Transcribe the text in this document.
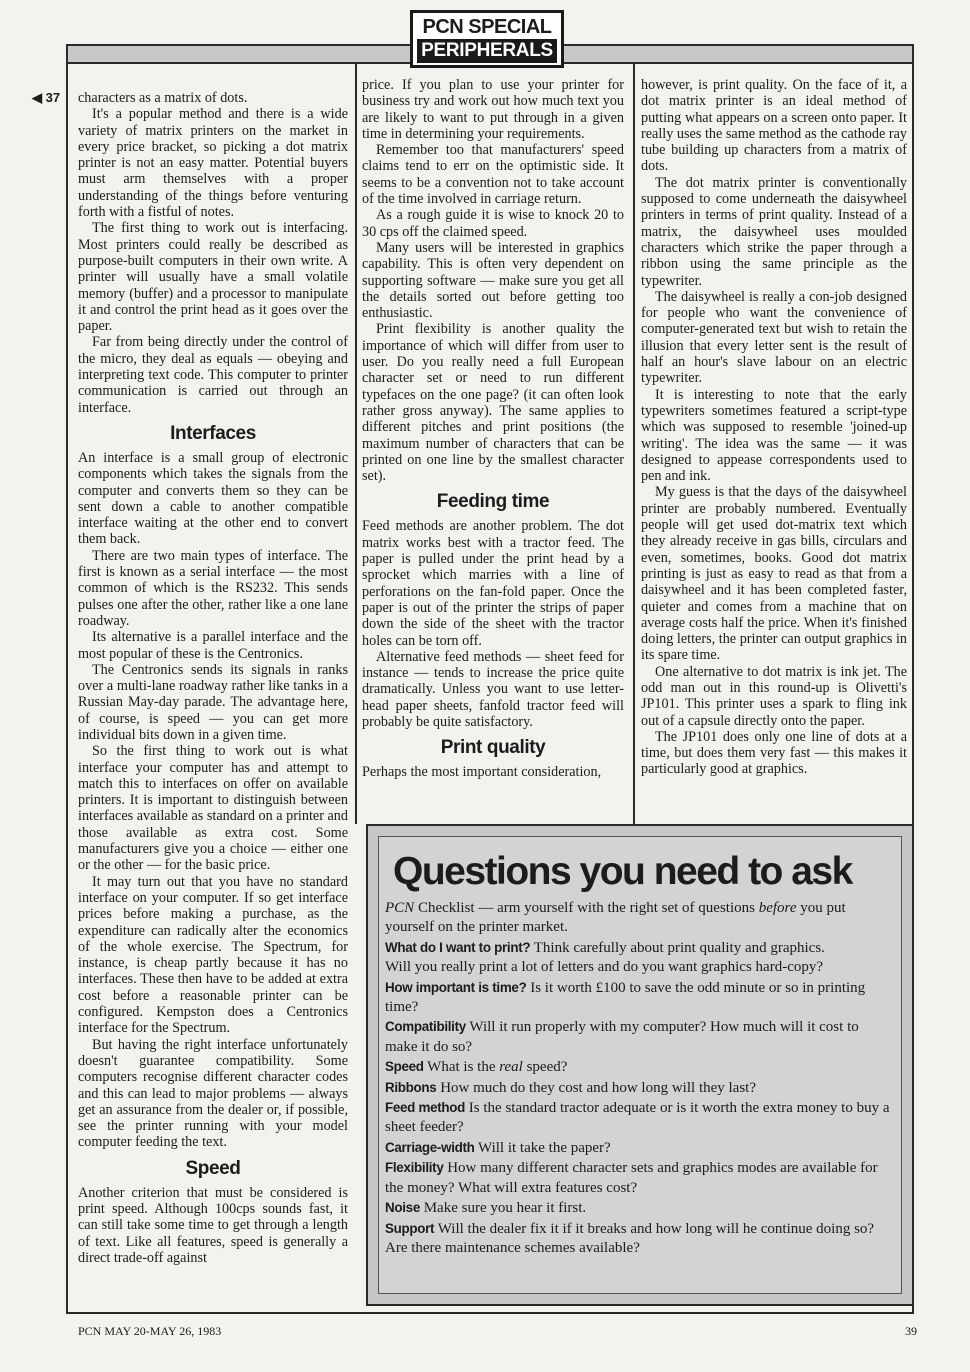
PCN SPECIAL
PERIPHERALS
◀ 37 characters as a matrix of dots.

It's a popular method and there is a wide variety of matrix printers on the market in every price bracket, so picking a dot matrix printer is not an easy matter. Potential buyers must arm themselves with a proper understanding of the things before venturing forth with a fistful of notes.

The first thing to work out is interfacing. Most printers could really be described as purpose-built computers in their own write. A printer will usually have a small volatile memory (buffer) and a processor to manipulate it and control the print head as it goes over the paper.

Far from being directly under the control of the micro, they deal as equals — obeying and interpreting text code. This computer to printer communication is carried out through an interface.

Interfaces

An interface is a small group of electronic components which takes the signals from the computer and converts them so they can be sent down a cable to another compatible interface waiting at the other end to convert them back.

There are two main types of interface. The first is known as a serial interface — the most common of which is the RS232. This sends pulses one after the other, rather like a one lane roadway.

Its alternative is a parallel interface and the most popular of these is the Centronics.

The Centronics sends its signals in ranks over a multi-lane roadway rather like tanks in a Russian May-day parade. The advantage here, of course, is speed — you can get more individual bits down in a given time.

So the first thing to work out is what interface your computer has and attempt to match this to interfaces on offer on available printers. It is important to distinguish between interfaces available as standard on a printer and those available as extra cost. Some manufacturers give you a choice — either one or the other — for the basic price.

It may turn out that you have no standard interface on your computer. If so get interface prices before making a purchase, as the expenditure can radically alter the economics of the whole exercise. The Spectrum, for instance, is cheap partly because it has no interfaces. These then have to be added at extra cost before a reasonable printer can be configured. Kempston does a Centronics interface for the Spectrum.

But having the right interface unfortunately doesn't guarantee compatibility. Some computers recognise different character codes and this can lead to major problems — always get an assurance from the dealer or, if possible, see the printer running with your model computer feeding the text.

Speed

Another criterion that must be considered is print speed. Although 100cps sounds fast, it can still take some time to get through a length of text. Like all features, speed is generally a direct trade-off against

price. If you plan to use your printer for business try and work out how much text you are likely to want to put through in a given time in determining your requirements.

Remember too that manufacturers' speed claims tend to err on the optimistic side. It seems to be a convention not to take account of the time involved in carriage return.

As a rough guide it is wise to knock 20 to 30 cps off the claimed speed.

Many users will be interested in graphics capability. This is often very dependent on supporting software — make sure you get all the details sorted out before getting too enthusiastic.

Print flexibility is another quality the importance of which will differ from user to user. Do you really need a full European character set or need to run different typefaces on the one page? (it can often look rather gross anyway). The same applies to different pitches and print positions (the maximum number of characters that can be printed on one line by the smallest character set).

Feeding time

Feed methods are another problem. The dot matrix works best with a tractor feed. The paper is pulled under the print head by a sprocket which marries with a line of perforations on the fan-fold paper. Once the paper is out of the printer the strips of paper down the side of the sheet with the tractor holes can be torn off.

Alternative feed methods — sheet feed for instance — tends to increase the price quite dramatically. Unless you want to use letter-head paper sheets, fanfold tractor feed will probably be quite satisfactory.

Print quality

Perhaps the most important consideration,

however, is print quality. On the face of it, a dot matrix printer is an ideal method of putting what appears on a screen onto paper. It really uses the same method as the cathode ray tube building up characters from a matrix of dots.

The dot matrix printer is conventionally supposed to come underneath the daisywheel printers in terms of print quality. Instead of a matrix, the daisywheel uses moulded characters which strike the paper through a ribbon using the same principle as the typewriter.

The daisywheel is really a con-job designed for people who want the convenience of computer-generated text but wish to retain the illusion that every letter sent is the result of half an hour's slave labour on an electric typewriter.

It is interesting to note that the early typewriters sometimes featured a script-type which was supposed to resemble 'joined-up writing'. The idea was the same — it was designed to appease correspondents used to pen and ink.

My guess is that the days of the daisywheel printer are probably numbered. Eventually people will get used dot-matrix text which they already receive in gas bills, circulars and even, sometimes, books. Good dot matrix printing is just as easy to read as that from a daisywheel and it has been completed faster, quieter and comes from a machine that on average costs half the price. When it's finished doing letters, the printer can output graphics in its spare time.

One alternative to dot matrix is ink jet. The odd man out in this round-up is Olivetti's JP101. This printer uses a spark to fling ink out of a capsule directly onto the paper.

The JP101 does only one line of dots at a time, but does them very fast — this makes it particularly good at graphics.

Questions you need to ask

PCN Checklist — arm yourself with the right set of questions before you put yourself on the printer market.

What do I want to print? Think carefully about print quality and graphics.

Will you really print a lot of letters and do you want graphics hard-copy?

How important is time? Is it worth £100 to save the odd minute or so in printing time?

Compatibility Will it run properly with my computer? How much will it cost to make it do so?

Speed What is the real speed?

Ribbons How much do they cost and how long will they last?

Feed method Is the standard tractor adequate or is it worth the extra money to buy a sheet feeder?

Carriage-width Will it take the paper?

Flexibility How many different character sets and graphics modes are available for the money? What will extra features cost?

Noise Make sure you hear it first.

Support Will the dealer fix it if it breaks and how long will he continue doing so? Are there maintenance schemes available?

PCN MAY 20-MAY 26, 1983	39
